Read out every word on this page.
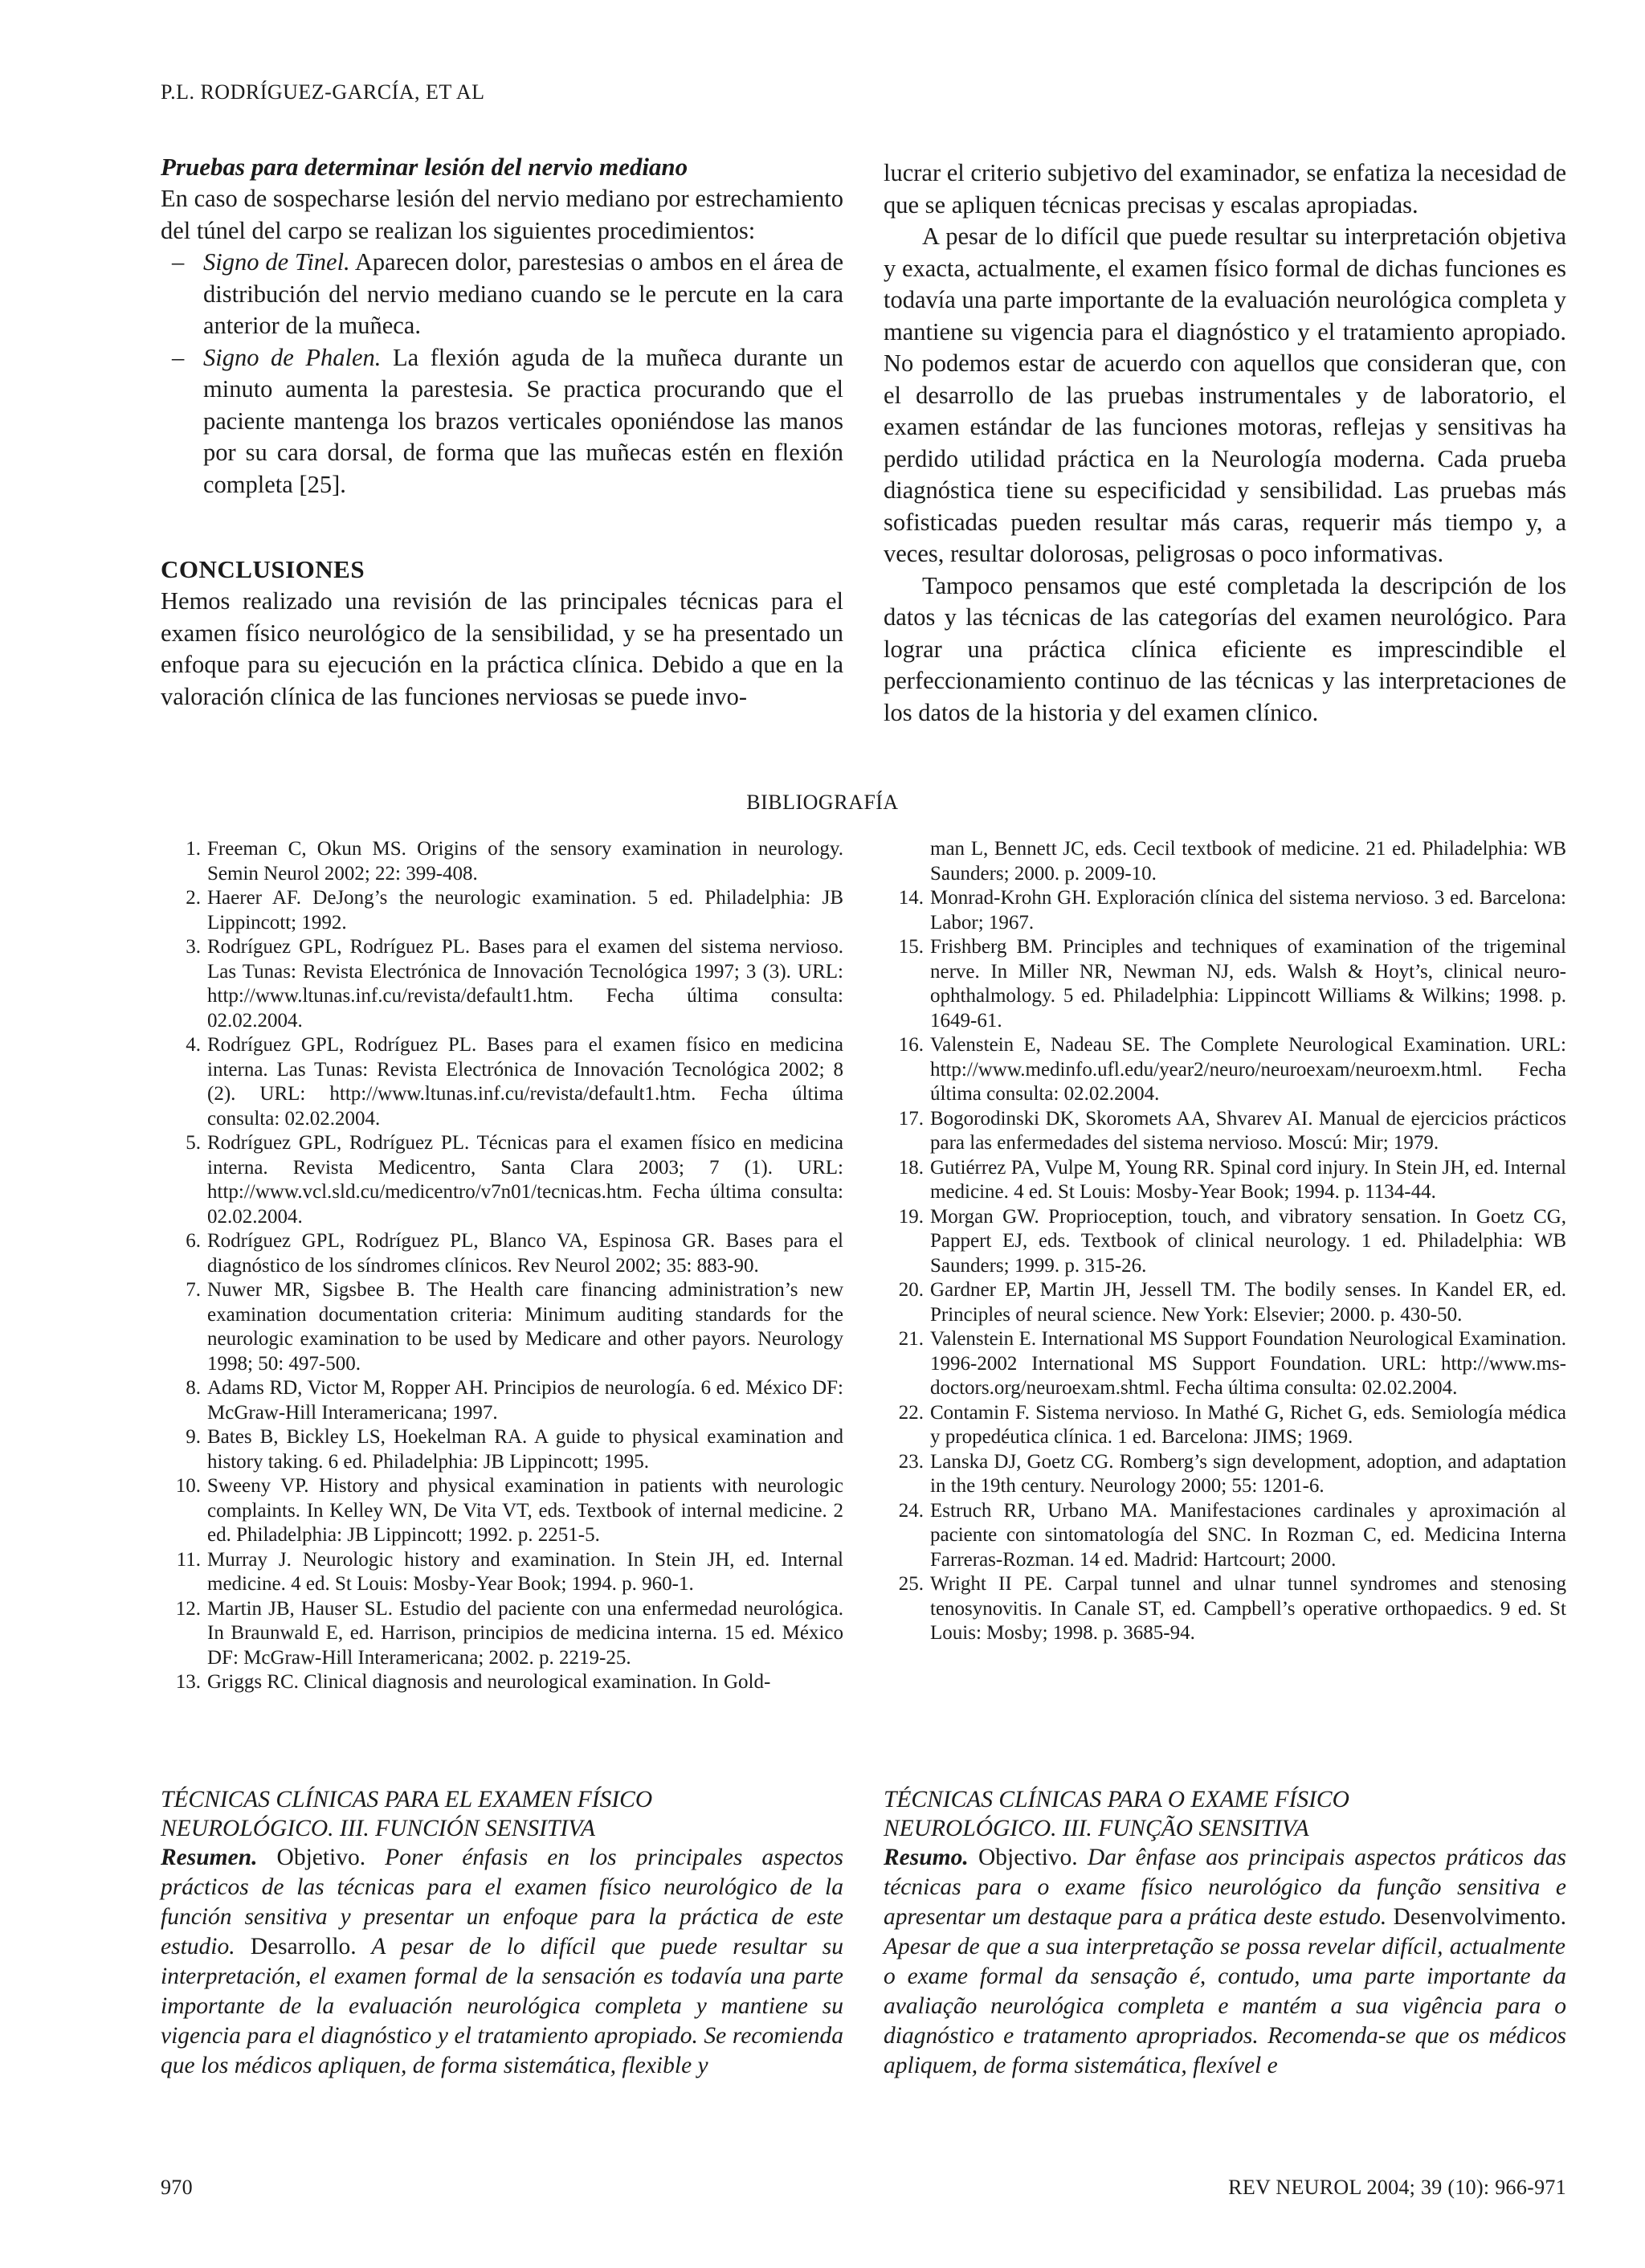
P.L. RODRÍGUEZ-GARCÍA, ET AL

Pruebas para determinar lesión del nervio mediano

En caso de sospecharse lesión del nervio mediano por estrechamiento del túnel del carpo se realizan los siguientes procedimientos:

– Signo de Tinel. Aparecen dolor, parestesias o ambos en el área de distribución del nervio mediano cuando se le percute en la cara anterior de la muñeca.
– Signo de Phalen. La flexión aguda de la muñeca durante un minuto aumenta la parestesia. Se practica procurando que el paciente mantenga los brazos verticales oponiéndose las manos por su cara dorsal, de forma que las muñecas estén en flexión completa [25].

CONCLUSIONES

Hemos realizado una revisión de las principales técnicas para el examen físico neurológico de la sensibilidad, y se ha presentado un enfoque para su ejecución en la práctica clínica. Debido a que en la valoración clínica de las funciones nerviosas se puede invo-

lucrar el criterio subjetivo del examinador, se enfatiza la necesidad de que se apliquen técnicas precisas y escalas apropiadas.

A pesar de lo difícil que puede resultar su interpretación objetiva y exacta, actualmente, el examen físico formal de dichas funciones es todavía una parte importante de la evaluación neurológica completa y mantiene su vigencia para el diagnóstico y el tratamiento apropiado. No podemos estar de acuerdo con aquellos que consideran que, con el desarrollo de las pruebas instrumentales y de laboratorio, el examen estándar de las funciones motoras, reflejas y sensitivas ha perdido utilidad práctica en la Neurología moderna. Cada prueba diagnóstica tiene su especificidad y sensibilidad. Las pruebas más sofisticadas pueden resultar más caras, requerir más tiempo y, a veces, resultar dolorosas, peligrosas o poco informativas.

Tampoco pensamos que esté completada la descripción de los datos y las técnicas de las categorías del examen neurológico. Para lograr una práctica clínica eficiente es imprescindible el perfeccionamiento continuo de las técnicas y las interpretaciones de los datos de la historia y del examen clínico.

BIBLIOGRAFÍA
1. Freeman C, Okun MS. Origins of the sensory examination in neurology. Semin Neurol 2002; 22: 399-408.
2. Haerer AF. DeJong’s the neurologic examination. 5 ed. Philadelphia: JB Lippincott; 1992.
3. Rodríguez GPL, Rodríguez PL. Bases para el examen del sistema nervioso. Las Tunas: Revista Electrónica de Innovación Tecnológica 1997; 3 (3). URL: http://www.ltunas.inf.cu/revista/default1.htm. Fecha última consulta: 02.02.2004.
4. Rodríguez GPL, Rodríguez PL. Bases para el examen físico en medicina interna. Las Tunas: Revista Electrónica de Innovación Tecnológica 2002; 8 (2). URL: http://www.ltunas.inf.cu/revista/default1.htm. Fecha última consulta: 02.02.2004.
5. Rodríguez GPL, Rodríguez PL. Técnicas para el examen físico en medicina interna. Revista Medicentro, Santa Clara 2003; 7 (1). URL: http://www.vcl.sld.cu/medicentro/v7n01/tecnicas.htm. Fecha última consulta: 02.02.2004.
6. Rodríguez GPL, Rodríguez PL, Blanco VA, Espinosa GR. Bases para el diagnóstico de los síndromes clínicos. Rev Neurol 2002; 35: 883-90.
7. Nuwer MR, Sigsbee B. The Health care financing administration’s new examination documentation criteria: Minimum auditing standards for the neurologic examination to be used by Medicare and other payors. Neurology 1998; 50: 497-500.
8. Adams RD, Victor M, Ropper AH. Principios de neurología. 6 ed. México DF: McGraw-Hill Interamericana; 1997.
9. Bates B, Bickley LS, Hoekelman RA. A guide to physical examination and history taking. 6 ed. Philadelphia: JB Lippincott; 1995.
10. Sweeny VP. History and physical examination in patients with neurologic complaints. In Kelley WN, De Vita VT, eds. Textbook of internal medicine. 2 ed. Philadelphia: JB Lippincott; 1992. p. 2251-5.
11. Murray J. Neurologic history and examination. In Stein JH, ed. Internal medicine. 4 ed. St Louis: Mosby-Year Book; 1994. p. 960-1.
12. Martin JB, Hauser SL. Estudio del paciente con una enfermedad neurológica. In Braunwald E, ed. Harrison, principios de medicina interna. 15 ed. México DF: McGraw-Hill Interamericana; 2002. p. 2219-25.
13. Griggs RC. Clinical diagnosis and neurological examination. In Gold-
man L, Bennett JC, eds. Cecil textbook of medicine. 21 ed. Philadelphia: WB Saunders; 2000. p. 2009-10.
14. Monrad-Krohn GH. Exploración clínica del sistema nervioso. 3 ed. Barcelona: Labor; 1967.
15. Frishberg BM. Principles and techniques of examination of the trigeminal nerve. In Miller NR, Newman NJ, eds. Walsh & Hoyt’s, clinical neuro-ophthalmology. 5 ed. Philadelphia: Lippincott Williams & Wilkins; 1998. p. 1649-61.
16. Valenstein E, Nadeau SE. The Complete Neurological Examination. URL: http://www.medinfo.ufl.edu/year2/neuro/neuroexam/neuroexm.html. Fecha última consulta: 02.02.2004.
17. Bogorodinski DK, Skoromets AA, Shvarev AI. Manual de ejercicios prácticos para las enfermedades del sistema nervioso. Moscú: Mir; 1979.
18. Gutiérrez PA, Vulpe M, Young RR. Spinal cord injury. In Stein JH, ed. Internal medicine. 4 ed. St Louis: Mosby-Year Book; 1994. p. 1134-44.
19. Morgan GW. Proprioception, touch, and vibratory sensation. In Goetz CG, Pappert EJ, eds. Textbook of clinical neurology. 1 ed. Philadelphia: WB Saunders; 1999. p. 315-26.
20. Gardner EP, Martin JH, Jessell TM. The bodily senses. In Kandel ER, ed. Principles of neural science. New York: Elsevier; 2000. p. 430-50.
21. Valenstein E. International MS Support Foundation Neurological Examination. 1996-2002 International MS Support Foundation. URL: http://www.ms-doctors.org/neuroexam.shtml. Fecha última consulta: 02.02.2004.
22. Contamin F. Sistema nervioso. In Mathé G, Richet G, eds. Semiología médica y propedéutica clínica. 1 ed. Barcelona: JIMS; 1969.
23. Lanska DJ, Goetz CG. Romberg’s sign development, adoption, and adaptation in the 19th century. Neurology 2000; 55: 1201-6.
24. Estruch RR, Urbano MA. Manifestaciones cardinales y aproximación al paciente con sintomatología del SNC. In Rozman C, ed. Medicina Interna Farreras-Rozman. 14 ed. Madrid: Hartcourt; 2000.
25. Wright II PE. Carpal tunnel and ulnar tunnel syndromes and stenosing tenosynovitis. In Canale ST, ed. Campbell’s operative orthopaedics. 9 ed. St Louis: Mosby; 1998. p. 3685-94.

TÉCNICAS CLÍNICAS PARA EL EXAMEN FÍSICO

NEUROLÓGICO. III. FUNCIÓN SENSITIVA

Resumen. Objetivo. Poner énfasis en los principales aspectos prácticos de las técnicas para el examen físico neurológico de la función sensitiva y presentar un enfoque para la práctica de este estudio. Desarrollo. A pesar de lo difícil que puede resultar su interpretación, el examen formal de la sensación es todavía una parte importante de la evaluación neurológica completa y mantiene su vigencia para el diagnóstico y el tratamiento apropiado. Se recomienda que los médicos apliquen, de forma sistemática, flexible y

TÉCNICAS CLÍNICAS PARA O EXAME FÍSICO

NEUROLÓGICO. III. FUNÇÃO SENSITIVA

Resumo. Objectivo. Dar ênfase aos principais aspectos práticos das técnicas para o exame físico neurológico da função sensitiva e apresentar um destaque para a prática deste estudo. Desenvolvimento. Apesar de que a sua interpretação se possa revelar difícil, actualmente o exame formal da sensação é, contudo, uma parte importante da avaliação neurológica completa e mantém a sua vigência para o diagnóstico e tratamento apropriados. Recomenda-se que os médicos apliquem, de forma sistemática, flexível e

970	REV NEUROL 2004; 39 (10): 966-971
